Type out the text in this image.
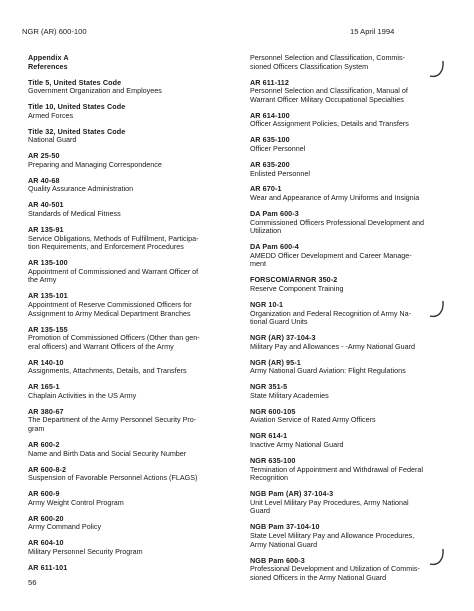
NGR (AR) 600-100	15 April 1994
Appendix A
References
Title 5, United States Code
Government Organization and Employees
Title 10, United States Code
Armed Forces
Title 32, United States Code
National Guard
AR 25-50
Preparing and Managing Correspondence
AR 40-68
Quality Assurance Administration
AR 40-501
Standards of Medical Fitness
AR 135-91
Service Obligations, Methods of Fulfillment, Participa-
tion Requirements, and Enforcement Procedures
AR 135-100
Appointment of Commissioned and Warrant Officer of
the Army
AR 135-101
Appointment of Reserve Commissioned Officers for
Assignment to Army Medical Department Branches
AR 135-155
Promotion of Commissioned Officers (Other than gen-
eral officers) and Warrant Officers of the Army
AR 140-10
Assignments, Attachments, Details, and Transfers
AR 165-1
Chaplain Activities in the US Army
AR 380-67
The Department of the Army Personnel Security Pro-
gram
AR 600-2
Name and Birth Data and Social Security Number
AR 600-8-2
Suspension of Favorable Personnel Actions (FLAGS)
AR 600-9
Army Weight Control Program
AR 600-20
Army Command Policy
AR 604-10
Military Personnel Security Program
AR 611-101
Personnel Selection and Classification, Commis-
sioned Officers Classification System
AR 611-112
Personnel Selection and Classification, Manual of
Warrant Officer Military Occupational Specialties
AR 614-100
Officer Assignment Policies, Details and Transfers
AR 635-100
Officer Personnel
AR 635-200
Enlisted Personnel
AR 670-1
Wear and Appearance of Army Uniforms and Insignia
DA Pam 600-3
Commissioned Officers Professional Development and
Utilization
DA Pam 600-4
AMEDD Officer Development and Career Manage-
ment
FORSCOM/ARNGR 350-2
Reserve Component Training
NGR 10-1
Organization and Federal Recognition of Army Na-
tional Guard Units
NGR (AR) 37-104-3
Military Pay and Allowances - -Army National Guard
NGR (AR) 95-1
Army National Guard Aviation: Flight Regulations
NGR 351-5
State Military Academies
NGR 600-105
Aviation Service of Rated Army Officers
NGR 614-1
Inactive Army National Guard
NGR 635-100
Termination of Appointment and Withdrawal of Federal
Recognition
NGB Pam (AR) 37-104-3
Unit Level Military Pay Procedures, Army National
Guard
NGB Pam 37-104-10
State Level Military Pay and Allowance Procedures,
Army National Guard
NGB Pam 600-3
Professional Development and Utilization of Commis-
sioned Officers in the Army National Guard
56
